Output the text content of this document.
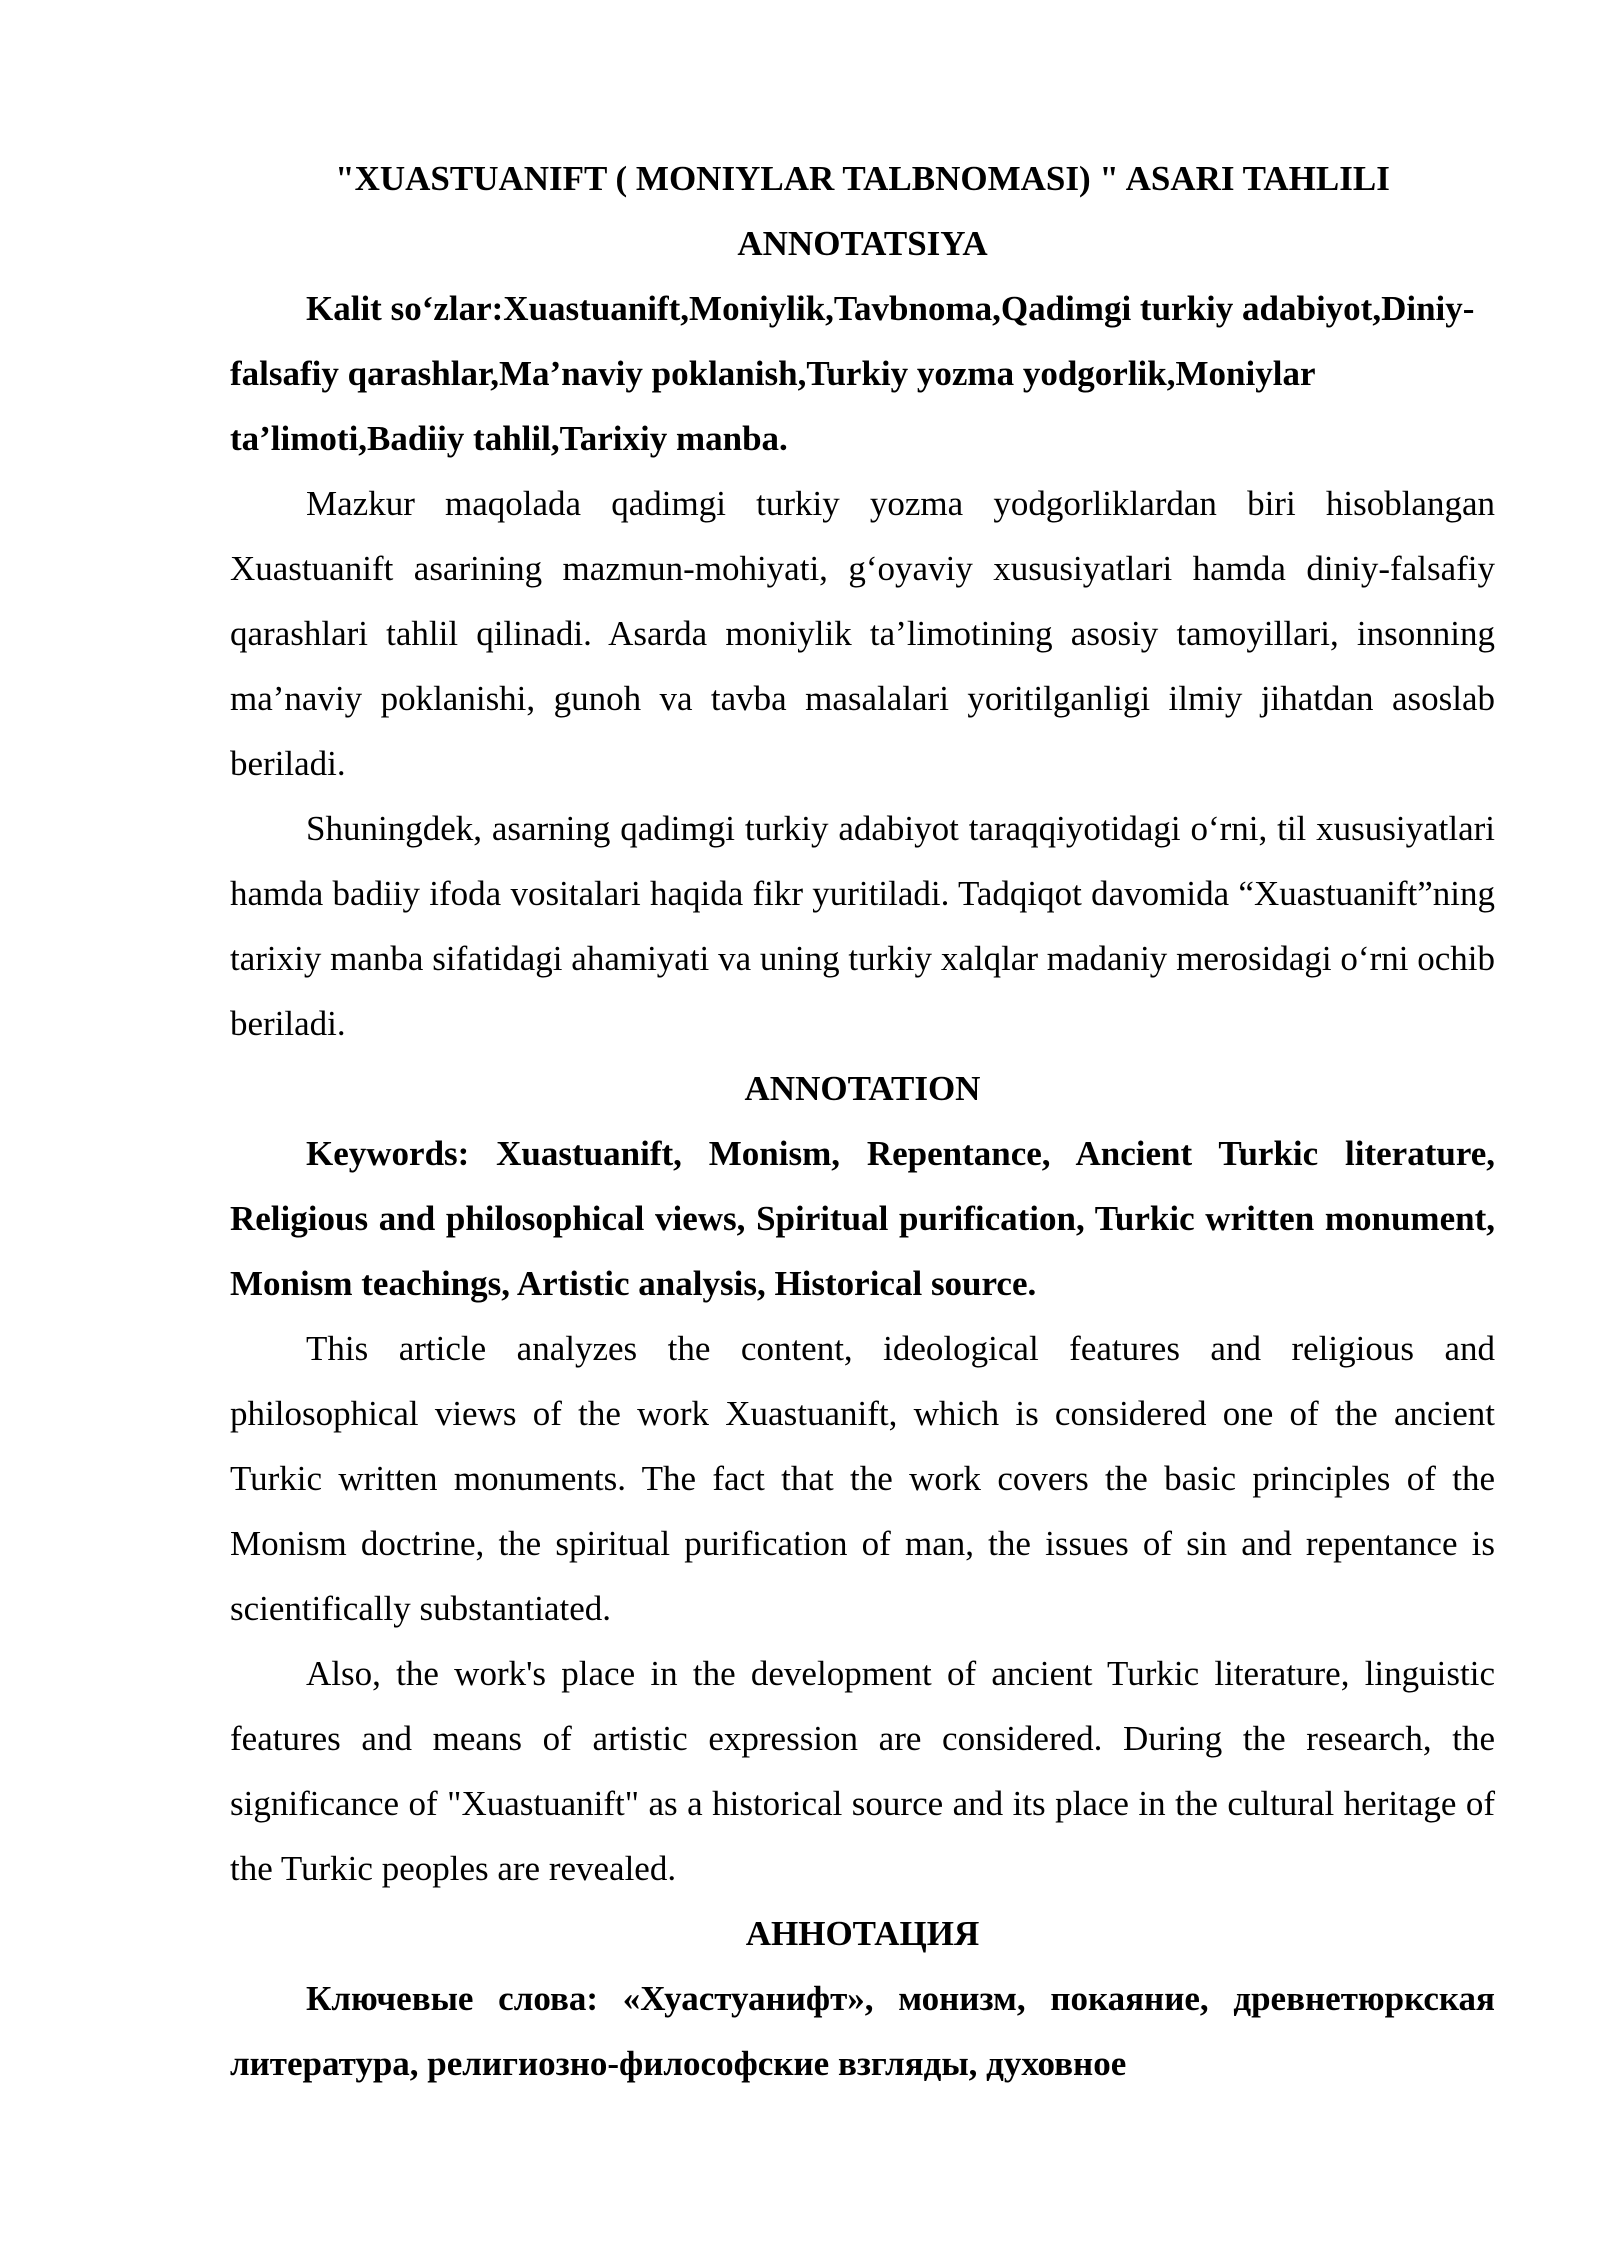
"XUASTUANIFT ( MONIYLAR TALBNOMASI) " ASARI TAHLILI

ANNOTATSIYA

Kalit so‘zlar:Xuastuanift,Moniylik,Tavbnoma,Qadimgi turkiy adabiyot,Diniy-falsafiy qarashlar,Ma’naviy poklanish,Turkiy yozma yodgorlik,Moniylar ta’limoti,Badiiy tahlil,Tarixiy manba.

Mazkur maqolada qadimgi turkiy yozma yodgorliklardan biri hisoblangan Xuastuanift asarining mazmun-mohiyati, g‘oyaviy xususiyatlari hamda diniy-falsafiy qarashlari tahlil qilinadi. Asarda moniylik ta’limotining asosiy tamoyillari, insonning ma’naviy poklanishi, gunoh va tavba masalalari yoritilganligi ilmiy jihatdan asoslab beriladi.

Shuningdek, asarning qadimgi turkiy adabiyot taraqqiyotidagi o‘rni, til xususiyatlari hamda badiiy ifoda vositalari haqida fikr yuritiladi. Tadqiqot davomida “Xuastuanift”ning tarixiy manba sifatidagi ahamiyati va uning turkiy xalqlar madaniy merosidagi o‘rni ochib beriladi.

ANNOTATION

Keywords: Xuastuanift, Monism, Repentance, Ancient Turkic literature, Religious and philosophical views, Spiritual purification, Turkic written monument, Monism teachings, Artistic analysis, Historical source.

This article analyzes the content, ideological features and religious and philosophical views of the work Xuastuanift, which is considered one of the ancient Turkic written monuments. The fact that the work covers the basic principles of the Monism doctrine, the spiritual purification of man, the issues of sin and repentance is scientifically substantiated.

Also, the work's place in the development of ancient Turkic literature, linguistic features and means of artistic expression are considered. During the research, the significance of "Xuastuanift" as a historical source and its place in the cultural heritage of the Turkic peoples are revealed.

АННОТАЦИЯ

Ключевые слова: «Хуастуанифт», монизм, покаяние, древнетюркская литература, религиозно-философские взгляды, духовное
